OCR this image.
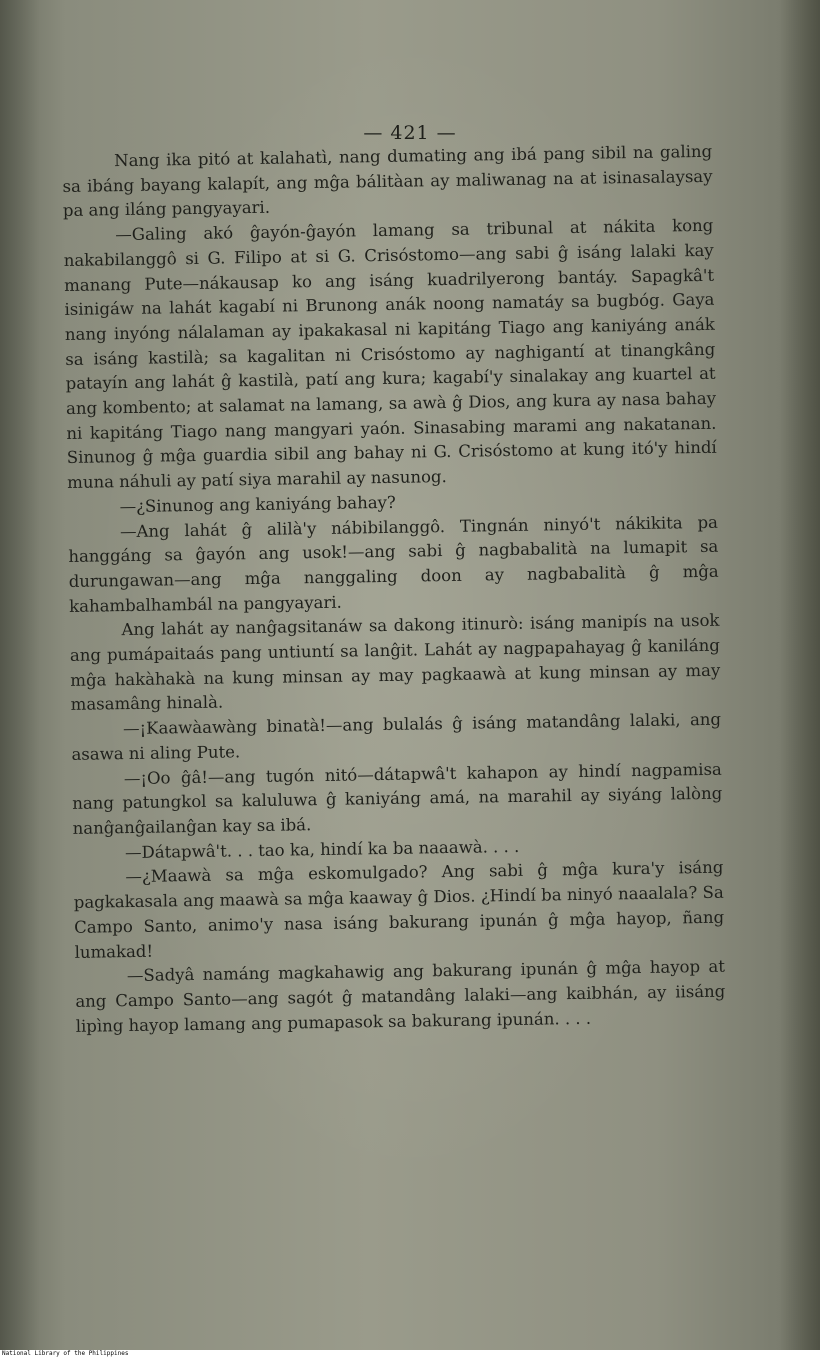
— 421 —

Nang ika pitó at kalahatì, nang dumating ang ibá pang sibil na galing sa ibáng bayang kalapít, ang mĝa bálitàan ay maliwanag na at isinasalaysay pa ang iláng pangyayari.

—Galing akó ĝayón-ĝayón lamang sa tribunal at nákita kong nakabilanggô si G. Filipo at si G. Crisóstomo—ang sabi ĝ isáng lalaki kay manang Pute—nákausap ko ang isáng kuadrilyerong bantáy. Sapagkâ't isinigáw na lahát kagabí ni Brunong anák noong namatáy sa bugbóg. Gaya nang inyóng nálalaman ay ipakakasal ni kapitáng Tiago ang kaniyáng anák sa isáng kastilà; sa kagalitan ni Crisóstomo ay naghigantí at tinangkâng patayín ang lahát ĝ kastilà, patí ang kura; kagabí'y sinalakay ang kuartel at ang kombento; at salamat na lamang, sa awà ĝ Dios, ang kura ay nasa bahay ni kapitáng Tiago nang mangyari yaón. Sinasabing marami ang nakatanan. Sinunog ĝ mĝa guardia sibil ang bahay ni G. Crisóstomo at kung itó'y hindí muna náhuli ay patí siya marahil ay nasunog.

—¿Sinunog ang kaniyáng bahay?

—Ang lahát ĝ alilà'y nábibilanggô. Tingnán ninyó't nákikita pa hanggáng sa ĝayón ang usok!—ang sabi ĝ nagbabalità na lumapit sa durungawan—ang mĝa nanggaling doon ay nagbabalità ĝ mĝa kahambalhambál na pangyayari.

Ang lahát ay nanĝagsitanáw sa dakong itinurò: isáng manipís na usok ang pumápaitaás pang untiuntí sa lanĝit. Lahát ay nagpapahayag ĝ kaniláng mĝa hakàhakà na kung minsan ay may pagkaawà at kung minsan ay may masamâng hinalà.

—¡Kaawàawàng binatà!—ang bulalás ĝ isáng matandâng lalaki, ang asawa ni aling Pute.

—¡Oo ĝâ!—ang tugón nitó—dátapwâ't kahapon ay hindí nagpamisa nang patungkol sa kaluluwa ĝ kaniyáng amá, na marahil ay siyáng lalòng nanĝanĝailanĝan kay sa ibá.

—Dátapwâ't. . . tao ka, hindí ka ba naaawà. . . .

—¿Maawà sa mĝa eskomulgado? Ang sabi ĝ mĝa kura'y isáng pagkakasala ang maawà sa mĝa kaaway ĝ Dios. ¿Hindí ba ninyó naaalala? Sa Campo Santo, animo'y nasa isáng bakurang ipunán ĝ mĝa hayop, ñang lumakad!

—Sadyâ namáng magkahawig ang bakurang ipunán ĝ mĝa hayop at ang Campo Santo—ang sagót ĝ matandâng lalaki—ang kaibhán, ay iisáng lipìng hayop lamang ang pumapasok sa bakurang ipunán. . . .

National Library of the Philippines
